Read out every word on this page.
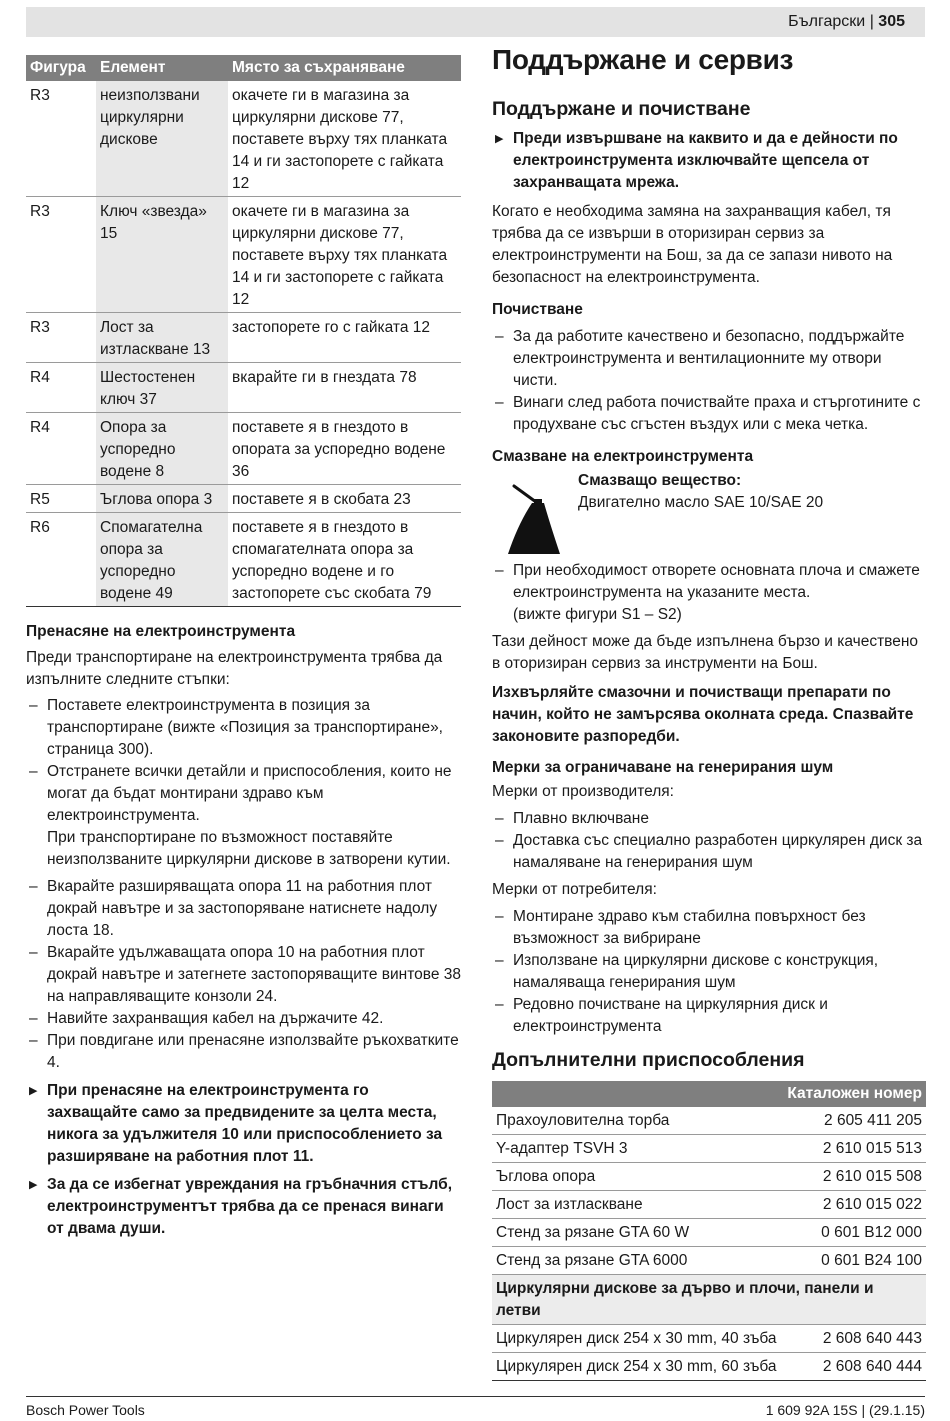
Български | 305
Фигура	Елемент	Място за съхраняване
R3	неизползвани циркулярни дискове	окачете ги в магазина за циркулярни дискове 77, поставете върху тях планката 14 и ги застопорете с гайката 12
R3	Ключ «звезда» 15	окачете ги в магазина за циркулярни дискове 77, поставете върху тях планката 14 и ги застопорете с гайката 12
R3	Лост за изтласкване 13	застопорете го с гайката 12
R4	Шестостенен ключ 37	вкарайте ги в гнездата 78
R4	Опора за успоредно водене 8	поставете я в гнездото в опората за успоредно водене 36
R5	Ъглова опора 3	поставете я в скобата 23
R6	Спомагателна опора за успоредно водене 49	поставете я в гнездото в спомагателната опора за успоредно водене и го застопорете със скобата 79
Пренасяне на електроинструмента

Преди транспортиране на електроинструмента трябва да изпълните следните стъпки:

– Поставете електроинструмента в позиция за транспортиране (вижте «Позиция за транспортиране», страница 300).
– Отстранете всички детайли и приспособления, които не могат да бъдат монтирани здраво към електроинструмента.
При транспортиране по възможност поставяйте неизползваните циркулярни дискове в затворени кутии.
– Вкарайте разширяващата опора 11 на работния плот докрай навътре и за застопоряване натиснете надолу лоста 18.
– Вкарайте удължаващата опора 10 на работния плот докрай навътре и затегнете застопоряващите винтове 38 на направляващите конзоли 24.
– Навийте захранващия кабел на държачите 42.
– При повдигане или пренасяне използвайте ръкохватките 4.
▶ При пренасяне на електроинструмента го захващайте само за предвидените за целта места, никога за удължителя 10 или приспособлението за разширяване на работния плот 11.
▶ За да се избегнат увреждания на гръбначния стълб, електроинструментът трябва да се пренася винаги от двама души.
Поддържане и сервиз
Поддържане и почистване
▶ Преди извършване на каквито и да е дейности по електроинструмента изключвайте щепсела от захранващата мрежа.

Когато е необходима замяна на захранващия кабел, тя трябва да се извърши в оторизиран сервиз за електроинструменти на Бош, за да се запази нивото на безопасност на електроинструмента.

Почистване
– За да работите качествено и безопасно, поддържайте електроинструмента и вентилационните му отвори чисти.
– Винаги след работа почиствайте праха и стърготините с продухване със сгъстен въздух или с мека четка.
Смазване на електроинструмента
Смазващо вещество:
Двигателно масло SAE 10/SAE 20
– При необходимост отворете основната плоча и смажете електроинструмента на указаните места.
(вижте фигури S1 – S2)

Тази дейност може да бъде изпълнена бързо и качествено в оторизиран сервиз за инструменти на Бош.

Изхвърляйте смазочни и почистващи препарати по начин, който не замърсява околната среда. Спазвайте законовите разпоредби.

Мерки за ограничаване на генерирания шум

Мерки от производителя:

– Плавно включване
– Доставка със специално разработен циркулярен диск за намаляване на генерирания шум

Мерки от потребителя:

– Монтиране здраво към стабилна повърхност без възможност за вибриране
– Използване на циркулярни дискове с конструкция, намаляваща генерирания шум
– Редовно почистване на циркулярния диск и електроинструмента
Допълнителни приспособления
Каталожен номер	
Прахоуловителна торба	2 605 411 205
Y-адаптер TSVH 3	2 610 015 513
Ъглова опора	2 610 015 508
Лост за изтласкване	2 610 015 022
Стенд за рязане GTA 60 W	0 601 B12 000
Стенд за рязане GTA 6000	0 601 B24 100
Циркулярни дискове за дърво и плочи, панели и летви	
Циркулярен диск 254 x 30 mm, 40 зъба	2 608 640 443
Циркулярен диск 254 x 30 mm, 60 зъба	2 608 640 444
Bosch Power Tools	1 609 92A 15S | (29.1.15)
